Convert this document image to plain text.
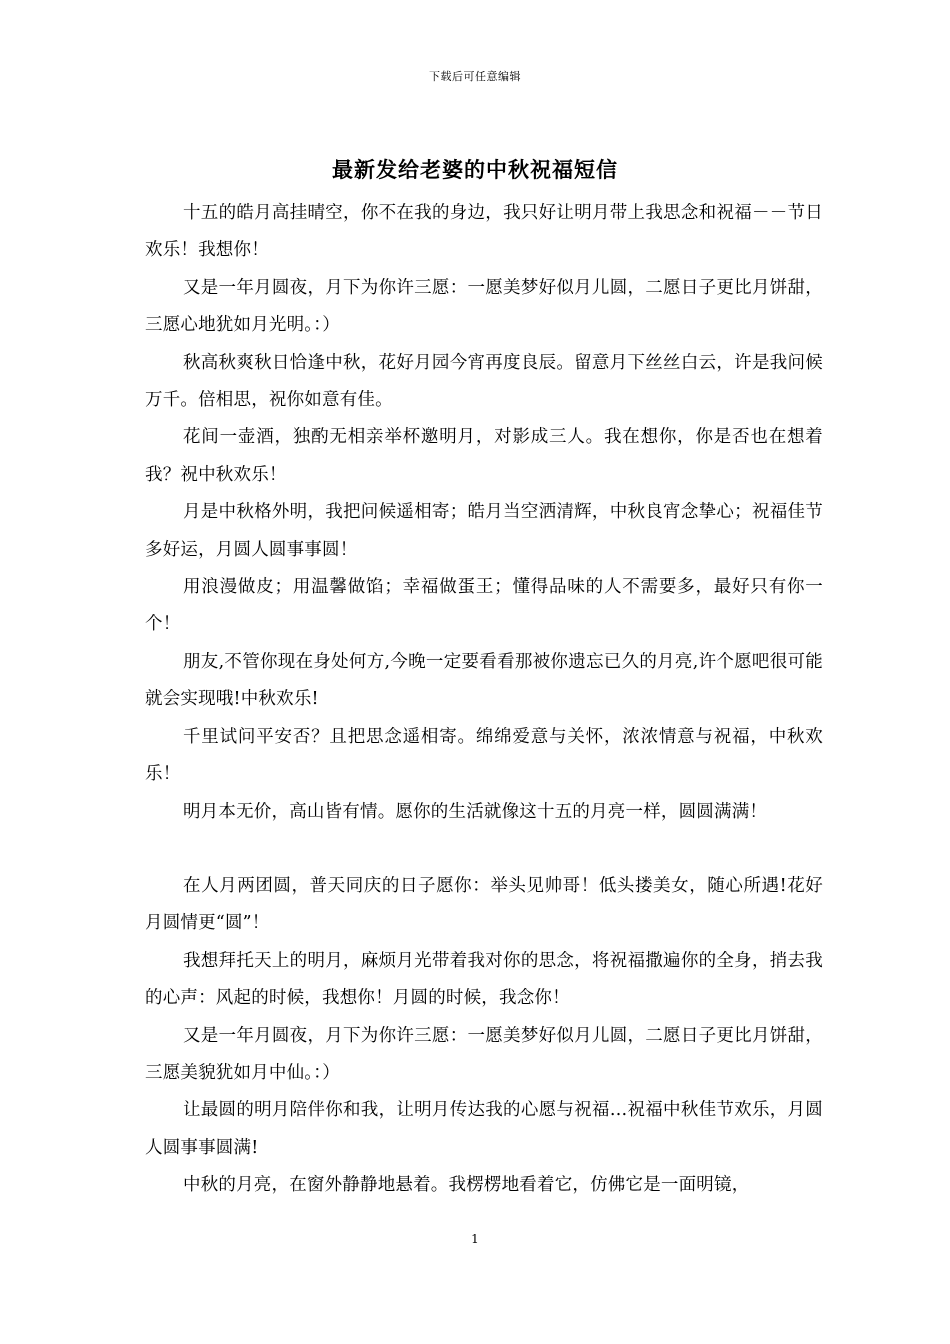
下载后可任意编辑
最新发给老婆的中秋祝福短信

十五的皓月高挂晴空，你不在我的身边，我只好让明月带上我思念和祝福－－节日欢乐！我想你！

又是一年月圆夜，月下为你许三愿：一愿美梦好似月儿圆，二愿日子更比月饼甜，三愿心地犹如月光明。：）

秋高秋爽秋日恰逢中秋，花好月园今宵再度良辰。留意月下丝丝白云，许是我问候万千。倍相思，祝你如意有佳。

花间一壶酒，独酌无相亲举杯邀明月，对影成三人。我在想你，你是否也在想着我？祝中秋欢乐！

月是中秋格外明，我把问候遥相寄；皓月当空洒清辉，中秋良宵念挚心；祝福佳节多好运，月圆人圆事事圆！

用浪漫做皮；用温馨做馅；幸福做蛋王；懂得品味的人不需要多，最好只有你一个！

朋友,不管你现在身处何方,今晚一定要看看那被你遗忘已久的月亮,许个愿吧很可能就会实现哦!中秋欢乐!

千里试问平安否？且把思念遥相寄。绵绵爱意与关怀，浓浓情意与祝福，中秋欢乐！

明月本无价，高山皆有情。愿你的生活就像这十五的月亮一样，圆圆满满！

在人月两团圆，普天同庆的日子愿你：举头见帅哥！低头搂美女，随心所遇!花好月圆情更“圆”！

我想拜托天上的明月，麻烦月光带着我对你的思念，将祝福撒遍你的全身，捎去我的心声：风起的时候，我想你！月圆的时候，我念你！

又是一年月圆夜，月下为你许三愿：一愿美梦好似月儿圆，二愿日子更比月饼甜，三愿美貌犹如月中仙。：）

让最圆的明月陪伴你和我，让明月传达我的心愿与祝福…祝福中秋佳节欢乐，月圆人圆事事圆满!

中秋的月亮，在窗外静静地悬着。我楞楞地看着它，仿佛它是一面明镜，

1
